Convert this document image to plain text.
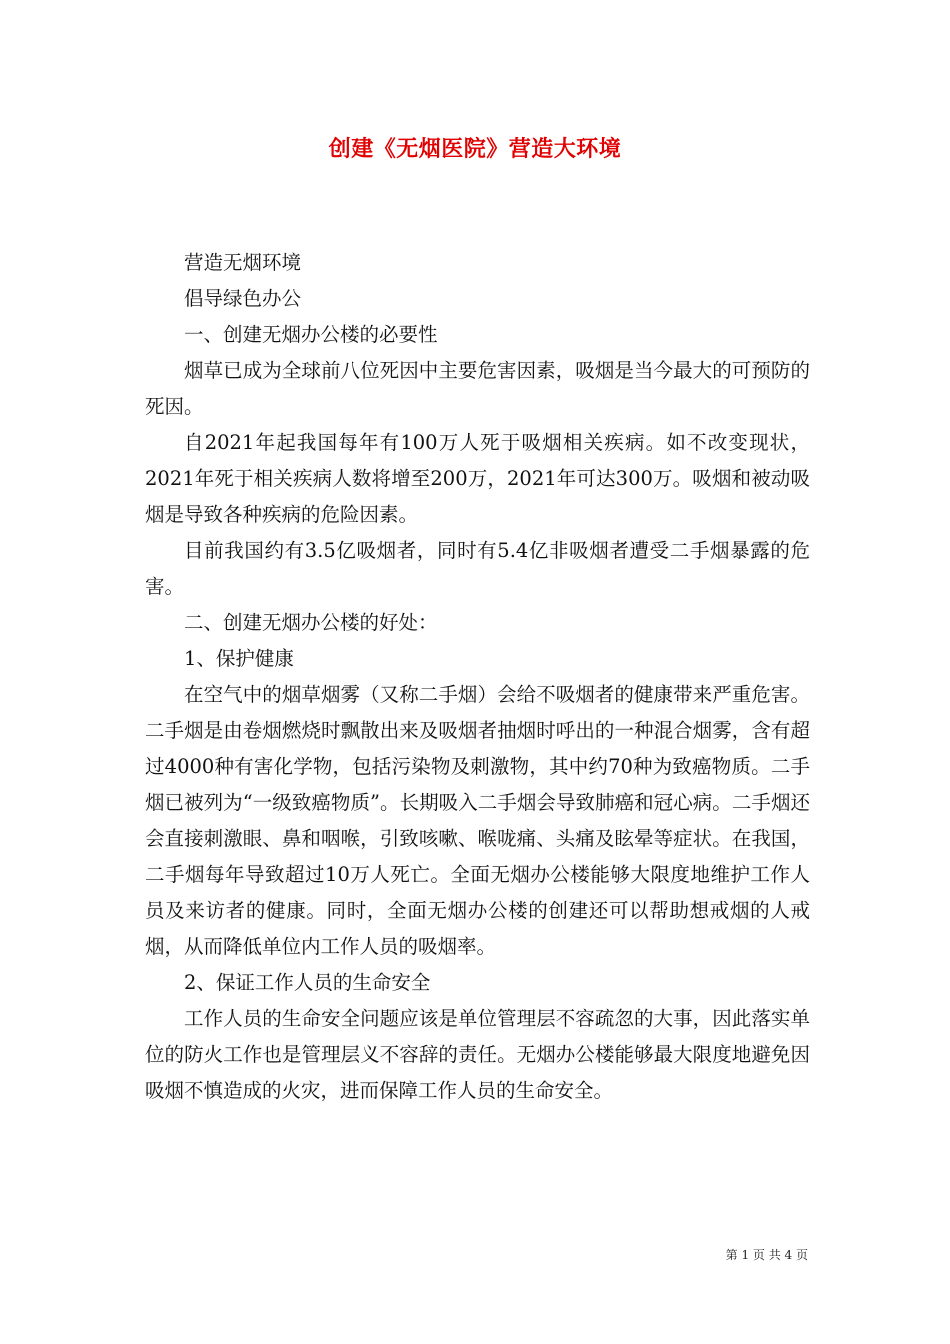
创建《无烟医院》营造大环境

营造无烟环境

倡导绿色办公

一、创建无烟办公楼的必要性

烟草已成为全球前八位死因中主要危害因素，吸烟是当今最大的可预防的死因。

自2021年起我国每年有100万人死于吸烟相关疾病。如不改变现状，2021年死于相关疾病人数将增至200万，2021年可达300万。吸烟和被动吸烟是导致各种疾病的危险因素。

目前我国约有3.5亿吸烟者，同时有5.4亿非吸烟者遭受二手烟暴露的危害。

二、创建无烟办公楼的好处：

1、保护健康

在空气中的烟草烟雾（又称二手烟）会给不吸烟者的健康带来严重危害。二手烟是由卷烟燃烧时飘散出来及吸烟者抽烟时呼出的一种混合烟雾，含有超过4000种有害化学物，包括污染物及刺激物，其中约70种为致癌物质。二手烟已被列为“一级致癌物质”。长期吸入二手烟会导致肺癌和冠心病。二手烟还会直接刺激眼、鼻和咽喉，引致咳嗽、喉咙痛、头痛及眩晕等症状。在我国，二手烟每年导致超过10万人死亡。全面无烟办公楼能够大限度地维护工作人员及来访者的健康。同时，全面无烟办公楼的创建还可以帮助想戒烟的人戒烟，从而降低单位内工作人员的吸烟率。

2、保证工作人员的生命安全

工作人员的生命安全问题应该是单位管理层不容疏忽的大事，因此落实单位的防火工作也是管理层义不容辞的责任。无烟办公楼能够最大限度地避免因吸烟不慎造成的火灾，进而保障工作人员的生命安全。

第 1 页 共 4 页
